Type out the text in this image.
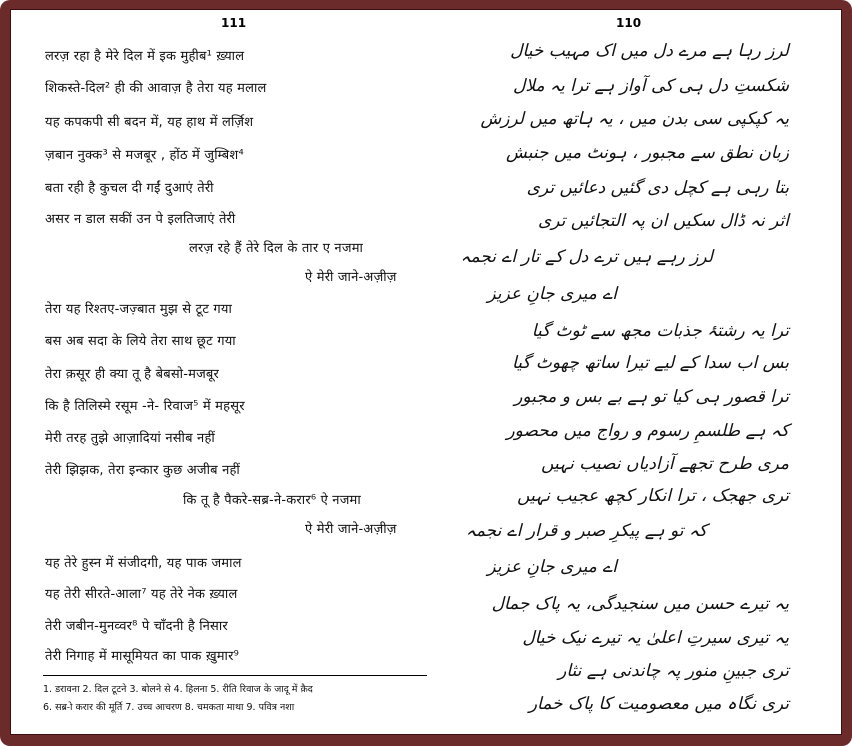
111	110
लरज़ रहा है मेरे दिल में इक मुहीब¹ ख़्याल
शिकस्ते-दिल² ही की आवाज़ है तेरा यह मलाल
यह कपकपी सी बदन में, यह हाथ में लर्ज़िश
ज़बान नुक्क³ से मजबूर , होंठ में जुम्बिश⁴
बता रही है कुचल दी गईं दुआएं तेरी
असर न डाल सकीं उन पे इलतिजाएं तेरी
लरज़ रहे हैं तेरे दिल के तार ए नजमा
ऐ मेरी जाने-अज़ीज़
तेरा यह रिश्तए-जज़्बात मुझ से टूट गया
बस अब सदा के लिये तेरा साथ छूट गया
तेरा क़सूर ही क्या तू है बेबसो-मजबूर
कि है तिलिस्मे रसूम -ने- रिवाज⁵ में महसूर
मेरी तरह तुझे आज़ादियां नसीब नहीं
तेरी झिझक, तेरा इन्कार कुछ अजीब नहीं
कि तू है पैकरे-सब्र-ने-करार⁶ ऐ नजमा
ऐ मेरी जाने-अज़ीज़
यह तेरे हुस्न में संजीदगी, यह पाक जमाल
यह तेरी सीरते-आला⁷ यह तेरे नेक ख़्याल
तेरी जबीन-मुनव्वर⁸ पे चाँदनी है निसार
तेरी निगाह में मासूमियत का पाक ख़ुमार⁹
1. डरावना 2. दिल टूटने 3. बोलने से 4. हिलना 5. रीति रिवाज के जादू में क़ैद
6. सब्र-ो करार की मूर्ति 7. उच्च आचरण 8. चमकता माथा 9. पवित्र नशा
لرز رہا ہے مرے دل میں اک مہیب خیال
شکستِ دل ہی کی آواز ہے ترا یہ ملال
یہ کپکپی سی بدن میں ، یہ ہاتھ میں لرزش
زبان نطق سے مجبور ، ہونٹ میں جنبش
بتا رہی ہے کچل دی گئیں دعائیں تری
اثر نہ ڈال سکیں ان پہ التجائیں تری
لرز رہے ہیں ترے دل کے تار اے نجمہ
اے میری جانِ عزیز
ترا یہ رشتۂ جذبات مجھ سے ٹوٹ گیا
بس اب سدا کے لیے تیرا ساتھ چھوٹ گیا
ترا قصور ہی کیا تو ہے بے بس و مجبور
کہ ہے طلسمِ رسوم و رواج میں محصور
مری طرح تجھے آزادیاں نصیب نہیں
تری جھجک ، ترا انکار کچھ عجیب نہیں
کہ تو ہے پیکرِ صبر و قرار اے نجمہ
اے میری جانِ عزیز
یہ تیرے حسن میں سنجیدگی، یہ پاک جمال
یہ تیری سیرتِ اعلیٰ یہ تیرے نیک خیال
تری جبینِ منور پہ چاندنی ہے نثار
تری نگاہ میں معصومیت کا پاک خمار
